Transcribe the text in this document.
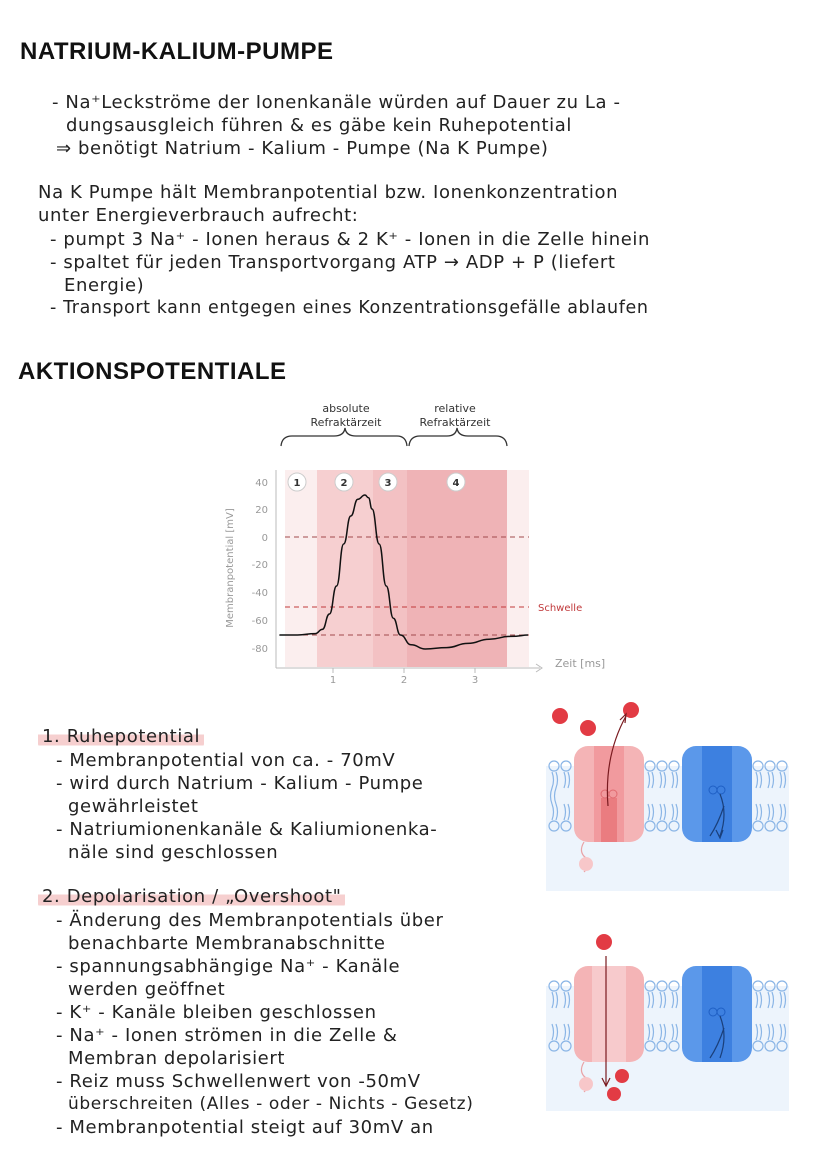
NATRIUM-KALIUM-PUMPE
- Na⁺Leckströme der Ionenkanäle würden auf Dauer zu La -
dungsausgleich führen & es gäbe kein Ruhepotential
⇒ benötigt Natrium - Kalium - Pumpe (Na K Pumpe)
Na K Pumpe hält Membranpotential bzw. Ionenkonzentration
unter Energieverbrauch aufrecht:
- pumpt 3 Na⁺ - Ionen heraus & 2 K⁺ - Ionen in die Zelle hinein
- spaltet für jeden Transportvorgang ATP → ADP + P (liefert
Energie)
- Transport kann entgegen eines Konzentrationsgefälle ablaufen
AKTIONSPOTENTIALE
absolute
Refraktärzeit
relative
Refraktärzeit
1	2	3	4
Schwelle
40
20
0
-20
-40
-60
-80
1	2	3
Zeit [ms]
Membranpotential [mV]
1. Ruhepotential
- Membranpotential von ca. - 70mV
- wird durch Natrium - Kalium - Pumpe
gewährleistet
- Natriumionenkanäle & Kaliumionenka-
näle sind geschlossen
2. Depolarisation / „Overshoot"
- Änderung des Membranpotentials über
benachbarte Membranabschnitte
- spannungsabhängige Na⁺ - Kanäle
werden geöffnet
- K⁺ - Kanäle bleiben geschlossen
- Na⁺ - Ionen strömen in die Zelle &
Membran depolarisiert
- Reiz muss Schwellenwert von -50mV
überschreiten (Alles - oder - Nichts - Gesetz)
- Membranpotential steigt auf 30mV an
